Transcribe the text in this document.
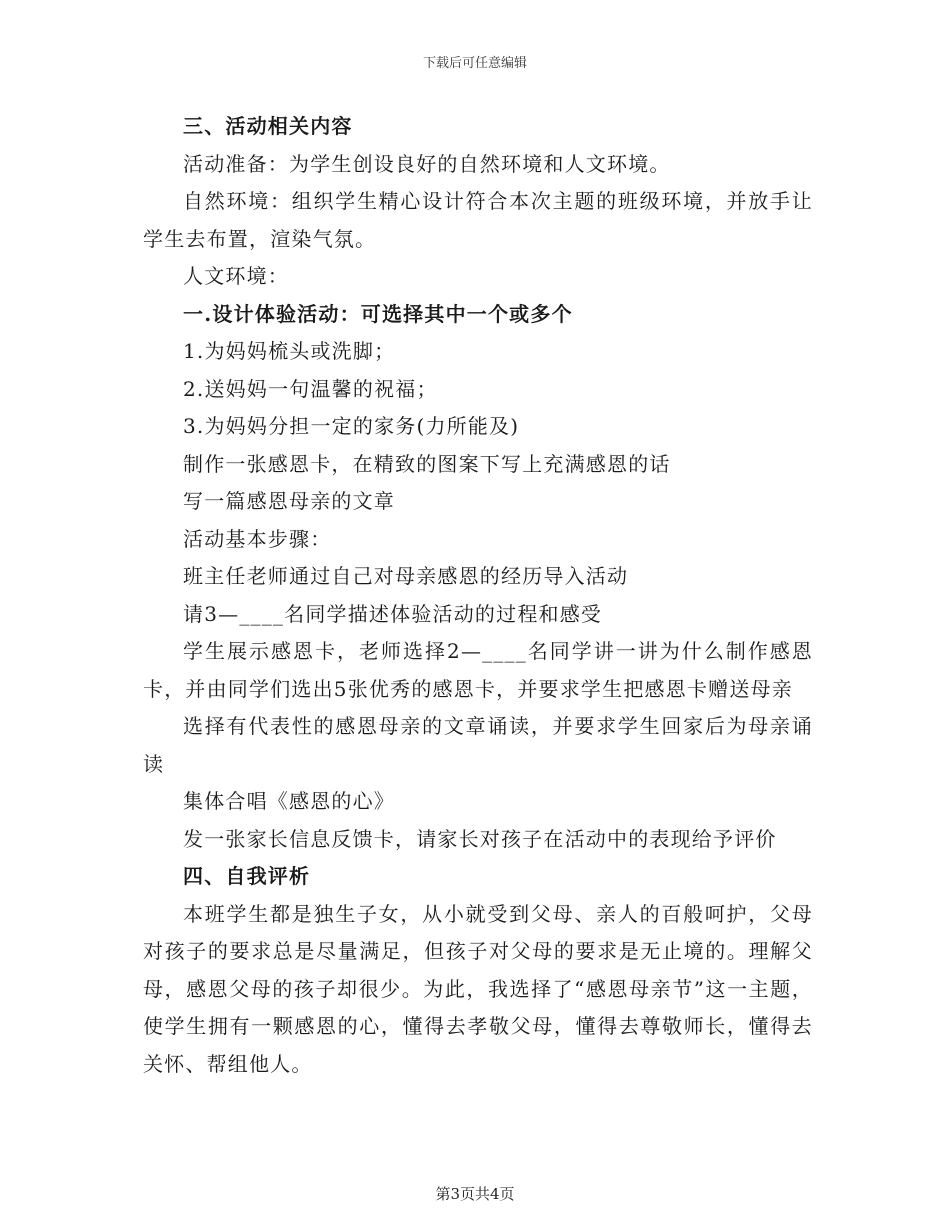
下载后可任意编辑

三、活动相关内容

活动准备：为学生创设良好的自然环境和人文环境。

自然环境：组织学生精心设计符合本次主题的班级环境，并放手让学生去布置，渲染气氛。

人文环境：

一.设计体验活动：可选择其中一个或多个

1.为妈妈梳头或洗脚；

2.送妈妈一句温馨的祝福；

3.为妈妈分担一定的家务(力所能及)

制作一张感恩卡，在精致的图案下写上充满感恩的话

写一篇感恩母亲的文章

活动基本步骤：

班主任老师通过自己对母亲感恩的经历导入活动

请3—____名同学描述体验活动的过程和感受

学生展示感恩卡，老师选择2—____名同学讲一讲为什么制作感恩卡，并由同学们选出5张优秀的感恩卡，并要求学生把感恩卡赠送母亲

选择有代表性的感恩母亲的文章诵读，并要求学生回家后为母亲诵读

集体合唱《感恩的心》

发一张家长信息反馈卡，请家长对孩子在活动中的表现给予评价

四、自我评析

本班学生都是独生子女，从小就受到父母、亲人的百般呵护，父母对孩子的要求总是尽量满足，但孩子对父母的要求是无止境的。理解父母，感恩父母的孩子却很少。为此，我选择了“感恩母亲节”这一主题，使学生拥有一颗感恩的心，懂得去孝敬父母，懂得去尊敬师长，懂得去关怀、帮组他人。

第3页共4页
